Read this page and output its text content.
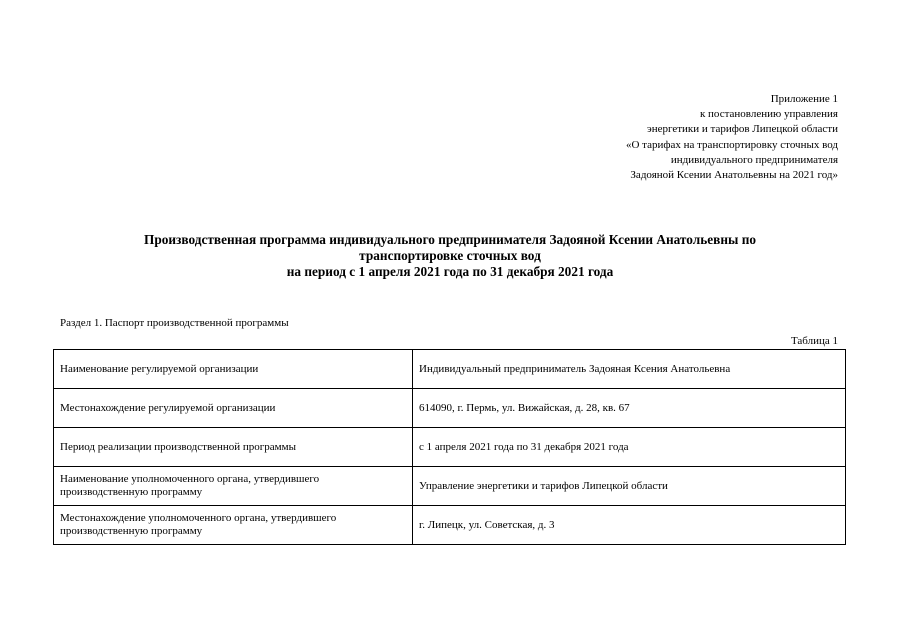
Приложение 1
к постановлению управления
энергетики и тарифов Липецкой области
«О тарифах на транспортировку сточных вод
индивидуального предпринимателя
Задояной Ксении Анатольевны на 2021 год»
Производственная программа индивидуального предпринимателя Задояной Ксении Анатольевны по
транспортировке сточных вод
на период с 1 апреля 2021 года по 31 декабря 2021 года
Раздел 1. Паспорт производственной программы
Таблица 1
Наименование регулируемой организации	Индивидуальный предприниматель Задояная Ксения Анатольевна
Местонахождение регулируемой организации	614090, г. Пермь, ул. Вижайская, д. 28, кв. 67
Период реализации производственной программы	с 1 апреля 2021 года по 31 декабря 2021 года
Наименование уполномоченного органа, утвердившего производственную программу	Управление энергетики и тарифов Липецкой области
Местонахождение уполномоченного органа, утвердившего производственную программу	г. Липецк, ул. Советская, д. 3
